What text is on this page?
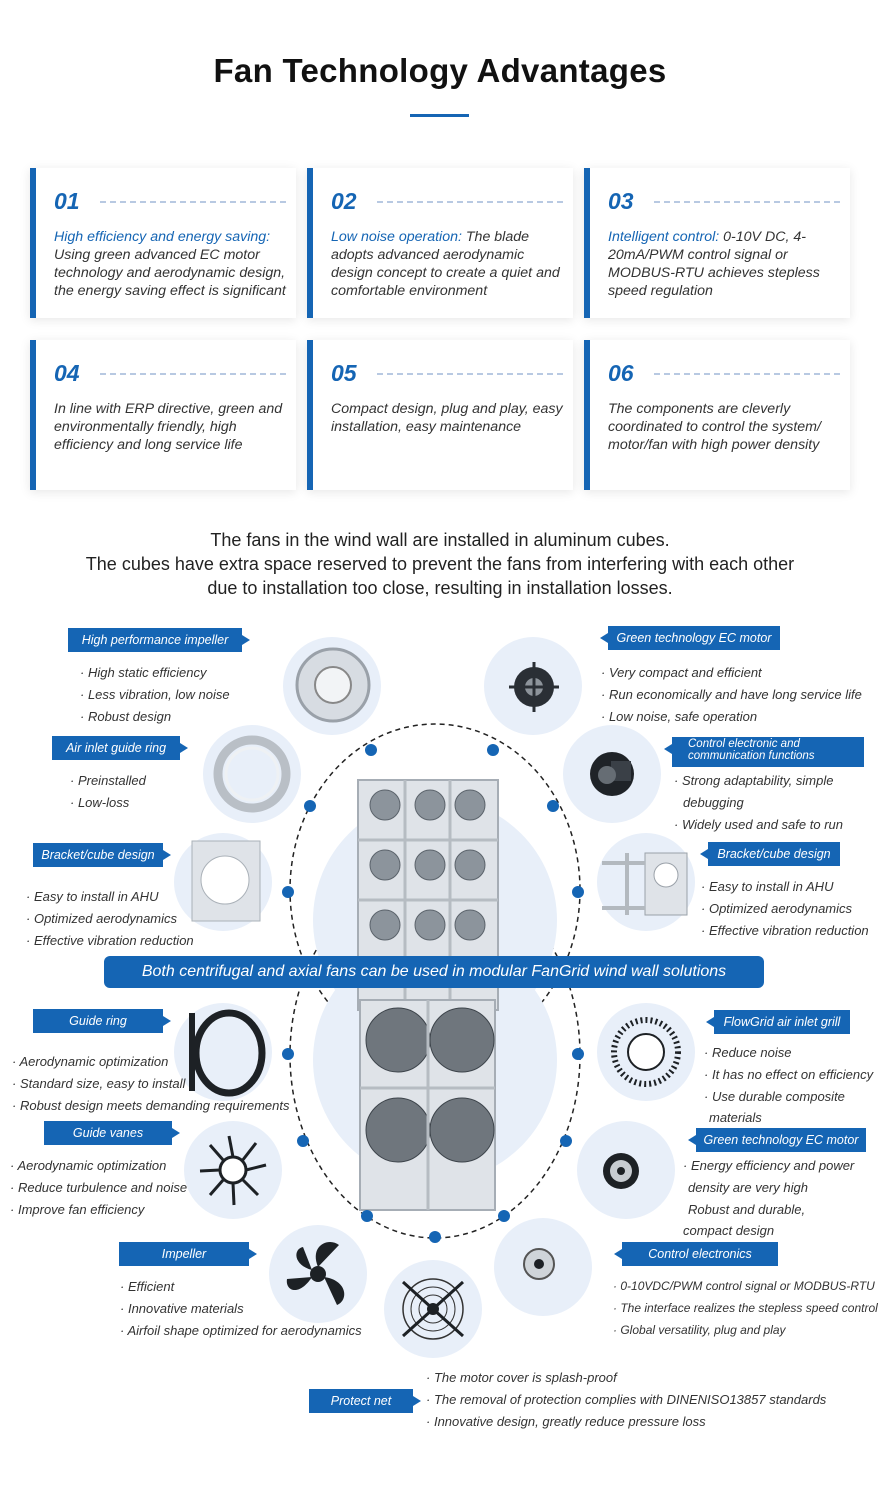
Fan Technology Advantages
01
High efficiency and energy saving: Using green advanced EC motor technology and aerodynamic design, the energy saving effect is significant
02
Low noise operation: The blade adopts advanced aerodynamic design concept to create a quiet and comfortable environment
03
Intelligent control: 0-10V DC, 4-20mA/PWM control signal or MODBUS-RTU achieves stepless speed regulation
04
In line with ERP directive, green and environmentally friendly, high efficiency and long service life
05
Compact design, plug and play, easy installation, easy maintenance
06
The components are cleverly coordinated to control the system/ motor/fan with high power density
The fans in the wind wall are installed in aluminum cubes.
The cubes have extra space reserved to prevent the fans from interfering with each other
due to installation too close, resulting in installation losses.
High performance impeller
· High static efficiency
· Less vibration, low noise
· Robust design
Air inlet guide ring
· Preinstalled
· Low-loss
Bracket/cube design
· Easy to install in AHU
· Optimized aerodynamics
· Effective vibration reduction
Green technology EC motor
· Very compact and efficient
· Run economically and have long service life
· Low noise, safe operation
Control electronic and
communication functions
· Strong adaptability, simple
debugging
· Widely used and safe to run
Bracket/cube design
· Easy to install in AHU
· Optimized aerodynamics
· Effective vibration reduction
Both centrifugal and axial fans can be used in modular FanGrid wind wall solutions
Guide ring
· Aerodynamic optimization
· Standard size, easy to install
· Robust design meets demanding requirements
Guide vanes
· Aerodynamic optimization
· Reduce turbulence and noise
· Improve fan efficiency
Impeller
· Efficient
· Innovative materials
· Airfoil shape optimized for aerodynamics
FlowGrid air inlet grill
· Reduce noise
· It has no effect on efficiency
· Use durable composite
materials
Green technology EC motor
· Energy efficiency and power
density are very high
Robust and durable,
compact design
Control electronics
· 0-10VDC/PWM control signal or MODBUS-RTU
· The interface realizes the stepless speed control
· Global versatility, plug and play
Protect net
· The motor cover is splash-proof
· The removal of protection complies with DINENISO13857 standards
· Innovative design, greatly reduce pressure loss
